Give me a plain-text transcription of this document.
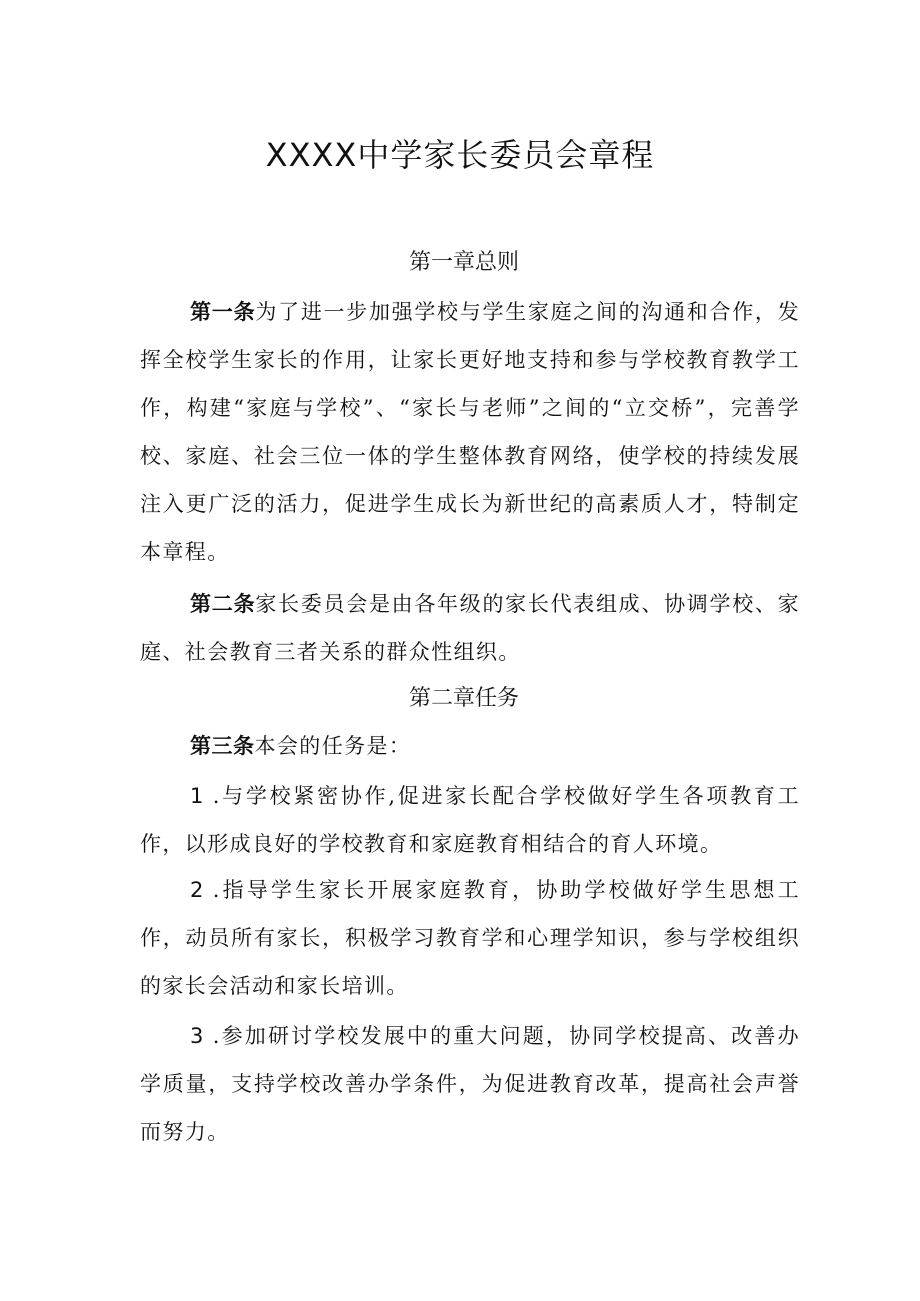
XXXX中学家长委员会章程
第一章总则

第一条为了进一步加强学校与学生家庭之间的沟通和合作，发挥全校学生家长的作用，让家长更好地支持和参与学校教育教学工作，构建“家庭与学校”、“家长与老师”之间的“立交桥”，完善学校、家庭、社会三位一体的学生整体教育网络，使学校的持续发展注入更广泛的活力，促进学生成长为新世纪的高素质人才，特制定本章程。

第二条家长委员会是由各年级的家长代表组成、协调学校、家庭、社会教育三者关系的群众性组织。

第二章任务

第三条本会的任务是：

1 .与学校紧密协作,促进家长配合学校做好学生各项教育工作，以形成良好的学校教育和家庭教育相结合的育人环境。

2 .指导学生家长开展家庭教育，协助学校做好学生思想工作，动员所有家长，积极学习教育学和心理学知识，参与学校组织的家长会活动和家长培训。

3 .参加研讨学校发展中的重大问题，协同学校提高、改善办学质量，支持学校改善办学条件，为促进教育改革，提高社会声誉而努力。
